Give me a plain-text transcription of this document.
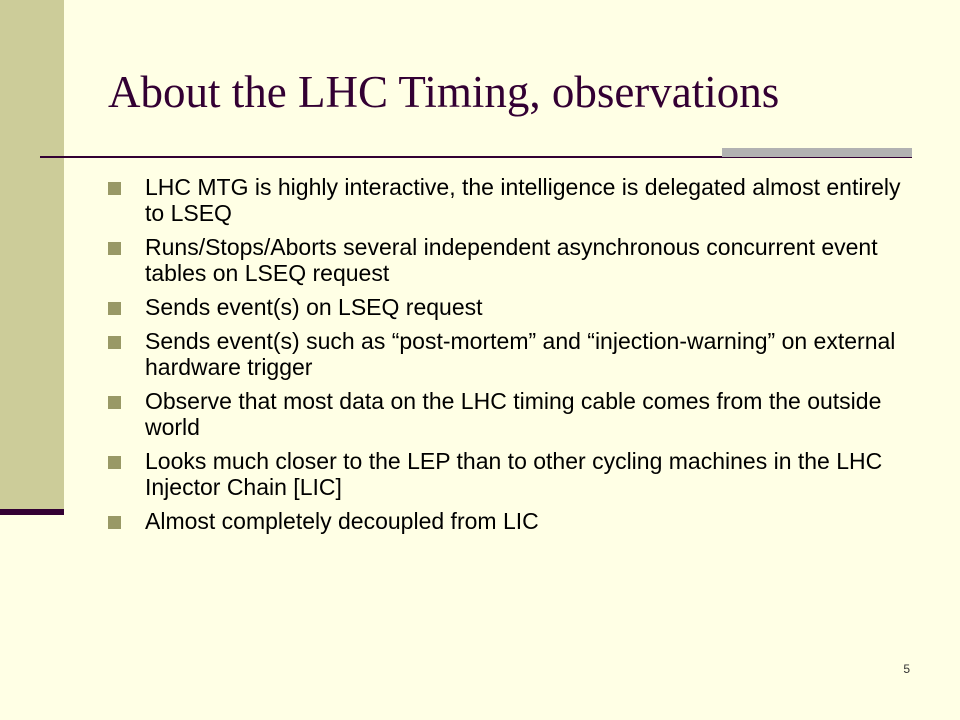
About the LHC Timing, observations
LHC MTG is highly interactive, the intelligence is delegated almost entirely to LSEQ
Runs/Stops/Aborts several independent asynchronous concurrent event tables on LSEQ request
Sends event(s) on LSEQ request
Sends event(s) such as “post-mortem” and “injection-warning” on external hardware trigger
Observe that most data on the LHC timing cable comes from the outside world
Looks much closer to the LEP than to other cycling machines in the LHC Injector Chain [LIC]
Almost completely decoupled from LIC
5
